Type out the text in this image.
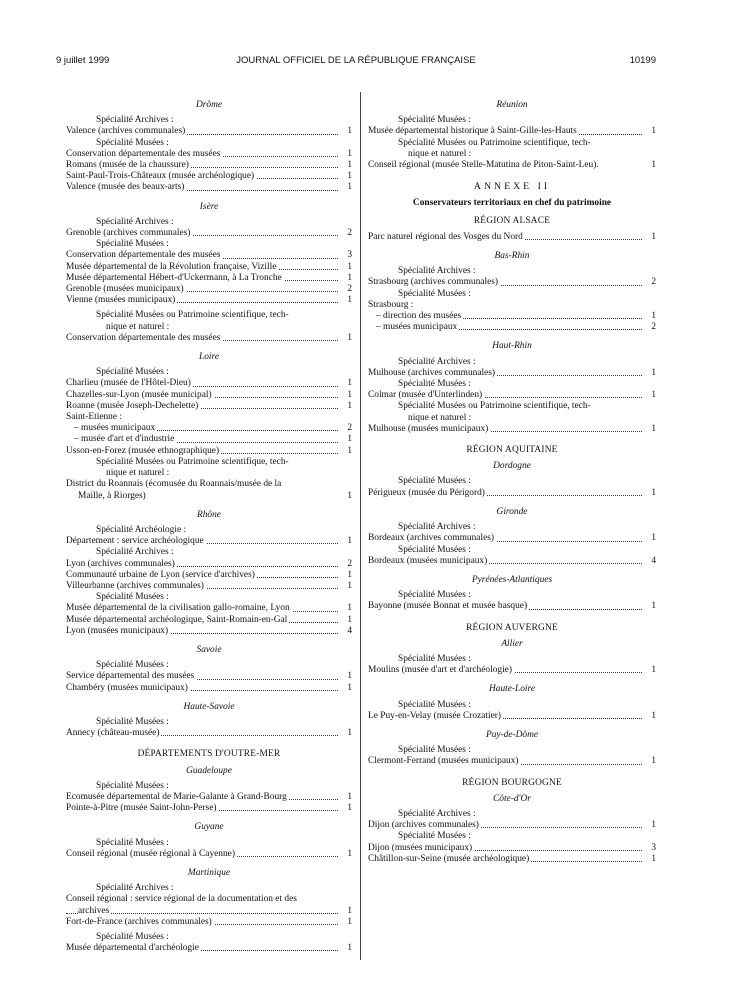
9 juillet 1999	JOURNAL OFFICIEL DE LA RÉPUBLIQUE FRANÇAISE	10199
Drôme
Spécialité Archives :
Valence (archives communales)	1
Spécialité Musées :
Conservation départementale des musées	1
Romans (musée de la chaussure)	1
Saint-Paul-Trois-Châteaux (musée archéologique)	1
Valence (musée des beaux-arts)	1
Isère
Spécialité Archives :
Grenoble (archives communales)	2
Spécialité Musées :
Conservation départementale des musées	3
Musée départemental de la Révolution française, Vizille	1
Musée départemental Hébert-d'Uckermann, à La Tronche	1
Grenoble (musées municipaux)	2
Vienne (musées municipaux)	1
Spécialité Musées ou Patrimoine scientifique, tech-
nique et naturel :
Conservation départementale des musées	1
Loire
Spécialité Musées :
Charlieu (musée de l'Hôtel-Dieu)	1
Chazelles-sur-Lyon (musée municipal)	1
Roanne (musée Joseph-Dechelette)	1
Saint-Etienne :
– musées municipaux	2
– musée d'art et d'industrie	1
Usson-en-Forez (musée ethnographique)	1
Spécialité Musées ou Patrimoine scientifique, tech-
nique et naturel :
District du Roannais (écomusée du Roannais/musée de la
Maille, à Riorges)	1
Rhône
Spécialité Archéologie :
Département : service archéologique	1
Spécialité Archives :
Lyon (archives communales)	2
Communauté urbaine de Lyon (service d'archives)	1
Villeurbanne (archives communales)	1
Spécialité Musées :
Musée départemental de la civilisation gallo-romaine, Lyon	1
Musée départemental archéologique, Saint-Romain-en-Gal	1
Lyon (musées municipaux)	4
Savoie
Spécialité Musées :
Service départemental des musées	1
Chambéry (musées municipaux)	1
Haute-Savoie
Spécialité Musées :
Annecy (château-musée)	1
DÉPARTEMENTS D'OUTRE-MER
Guadeloupe
Spécialité Musées :
Ecomusée départemental de Marie-Galante à Grand-Bourg	1
Pointe-à-Pitre (musée Saint-John-Perse)	1
Guyane
Spécialité Musées :
Conseil régional (musée régional à Cayenne)	1
Martinique
Spécialité Archives :
Conseil régional : service régional de la documentation et des
archives	1
Fort-de-France (archives communales)	1
Spécialité Musées :
Musée départemental d'archéologie	1
Réunion
Spécialité Musées :
Musée départemental historique à Saint-Gille-les-Hauts	1
Spécialité Musées ou Patrimoine scientifique, tech-
nique et naturel :
Conseil régional (musée Stelle-Matutina de Piton-Saint-Leu).	1
ANNEXE II
Conservateurs territoriaux en chef du patrimoine
RÉGION ALSACE
Parc naturel régional des Vosges du Nord	1
Bas-Rhin
Spécialité Archives :
Strasbourg (archives communales)	2
Spécialité Musées :
Strasbourg :
– direction des musées	1
– musées municipaux	2
Haut-Rhin
Spécialité Archives :
Mulhouse (archives communales)	1
Spécialité Musées :
Colmar (musée d'Unterlinden)	1
Spécialité Musées ou Patrimoine scientifique, tech-
nique et naturel :
Mulhouse (musées municipaux)	1
RÉGION AQUITAINE
Dordogne
Spécialité Musées :
Périgueux (musée du Périgord)	1
Gironde
Spécialité Archives :
Bordeaux (archives communales)	1
Spécialité Musées :
Bordeaux (musées municipaux)	4
Pyrénées-Atlantiques
Spécialité Musées :
Bayonne (musée Bonnat et musée basque)	1
RÉGION AUVERGNE
Allier
Spécialité Musées :
Moulins (musée d'art et d'archéologie)	1
Haute-Loire
Spécialité Musées :
Le Puy-en-Velay (musée Crozatier)	1
Puy-de-Dôme
Spécialité Musées :
Clermont-Ferrand (musées municipaux)	1
RÉGION BOURGOGNE
Côte-d'Or
Spécialité Archives :
Dijon (archives communales)	1
Spécialité Musées :
Dijon (musées municipaux)	3
Châtillon-sur-Seine (musée archéologique)	1
